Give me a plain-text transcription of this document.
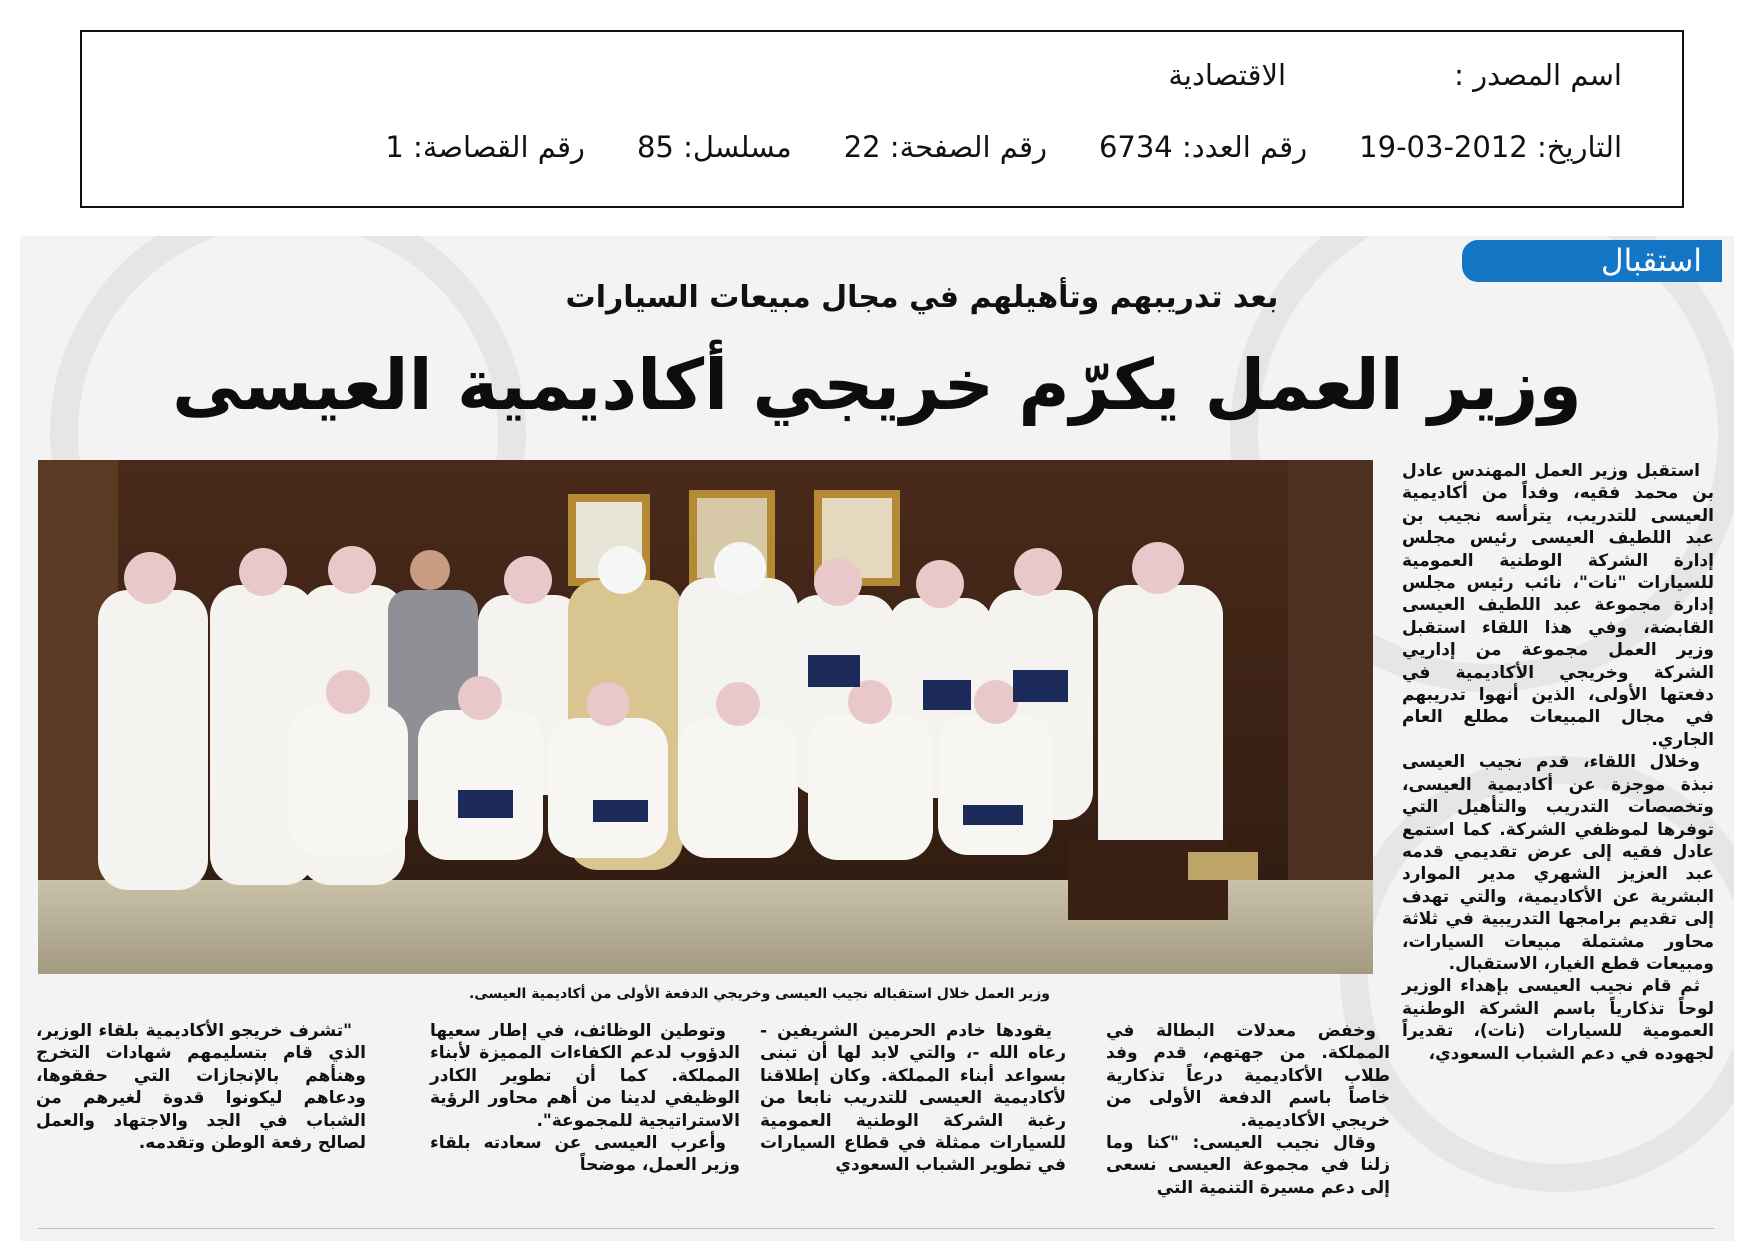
اسم المصدر :
الاقتصادية
التاريخ: 2012-03-19
رقم العدد: 6734
رقم الصفحة: 22
مسلسل: 85
رقم القصاصة: 1
استقبال
بعد تدريبهم وتأهيلهم في مجال مبيعات السيارات
وزير العمل يكرّم خريجي أكاديمية العيسى
وزير العمل خلال استقباله نجيب العيسى وخريجي الدفعة الأولى من أكاديمية العيسى.

استقبل وزير العمل المهندس عادل بن محمد فقيه، وفداً من أكاديمية العيسى للتدريب، يترأسه نجيب بن عبد اللطيف العيسى رئيس مجلس إدارة الشركة الوطنية العمومية للسيارات "نات"، نائب رئيس مجلس إدارة مجموعة عبد اللطيف العيسى القابضة، وفي هذا اللقاء استقبل وزير العمل مجموعة من إداريي الشركة وخريجي الأكاديمية في دفعتها الأولى، الذين أنهوا تدريبهم في مجال المبيعات مطلع العام الجاري.

وخلال اللقاء، قدم نجيب العيسى نبذة موجزة عن أكاديمية العيسى، وتخصصات التدريب والتأهيل التي توفرها لموظفي الشركة. كما استمع عادل فقيه إلى عرض تقديمي قدمه عبد العزيز الشهري مدير الموارد البشرية عن الأكاديمية، والتي تهدف إلى تقديم برامجها التدريبية في ثلاثة محاور مشتملة مبيعات السيارات، ومبيعات قطع الغيار، الاستقبال.

ثم قام نجيب العيسى بإهداء الوزير لوحاً تذكارياً باسم الشركة الوطنية العمومية للسيارات (نات)، تقديراً لجهوده في دعم الشباب السعودي،

وخفض معدلات البطالة في المملكة. من جهتهم، قدم وفد طلاب الأكاديمية درعاً تذكارية خاصاً باسم الدفعة الأولى من خريجي الأكاديمية.

وقال نجيب العيسى: "كنا وما زلنا في مجموعة العيسى نسعى إلى دعم مسيرة التنمية التي

يقودها خادم الحرمين الشريفين - رعاه الله -، والتي لابد لها أن تبنى بسواعد أبناء المملكة. وكان إطلاقنا لأكاديمية العيسى للتدريب نابعا من رغبة الشركة الوطنية العمومية للسيارات ممثلة في قطاع السيارات في تطوير الشباب السعودي

وتوطين الوظائف، في إطار سعيها الدؤوب لدعم الكفاءات المميزة لأبناء المملكة. كما أن تطوير الكادر الوظيفي لدينا من أهم محاور الرؤية الاستراتيجية للمجموعة".

وأعرب العيسى عن سعادته بلقاء وزير العمل، موضحاً

"تشرف خريجو الأكاديمية بلقاء الوزير، الذي قام بتسليمهم شهادات التخرج وهنأهم بالإنجازات التي حققوها، ودعاهم ليكونوا قدوة لغيرهم من الشباب في الجد والاجتهاد والعمل لصالح رفعة الوطن وتقدمه.
